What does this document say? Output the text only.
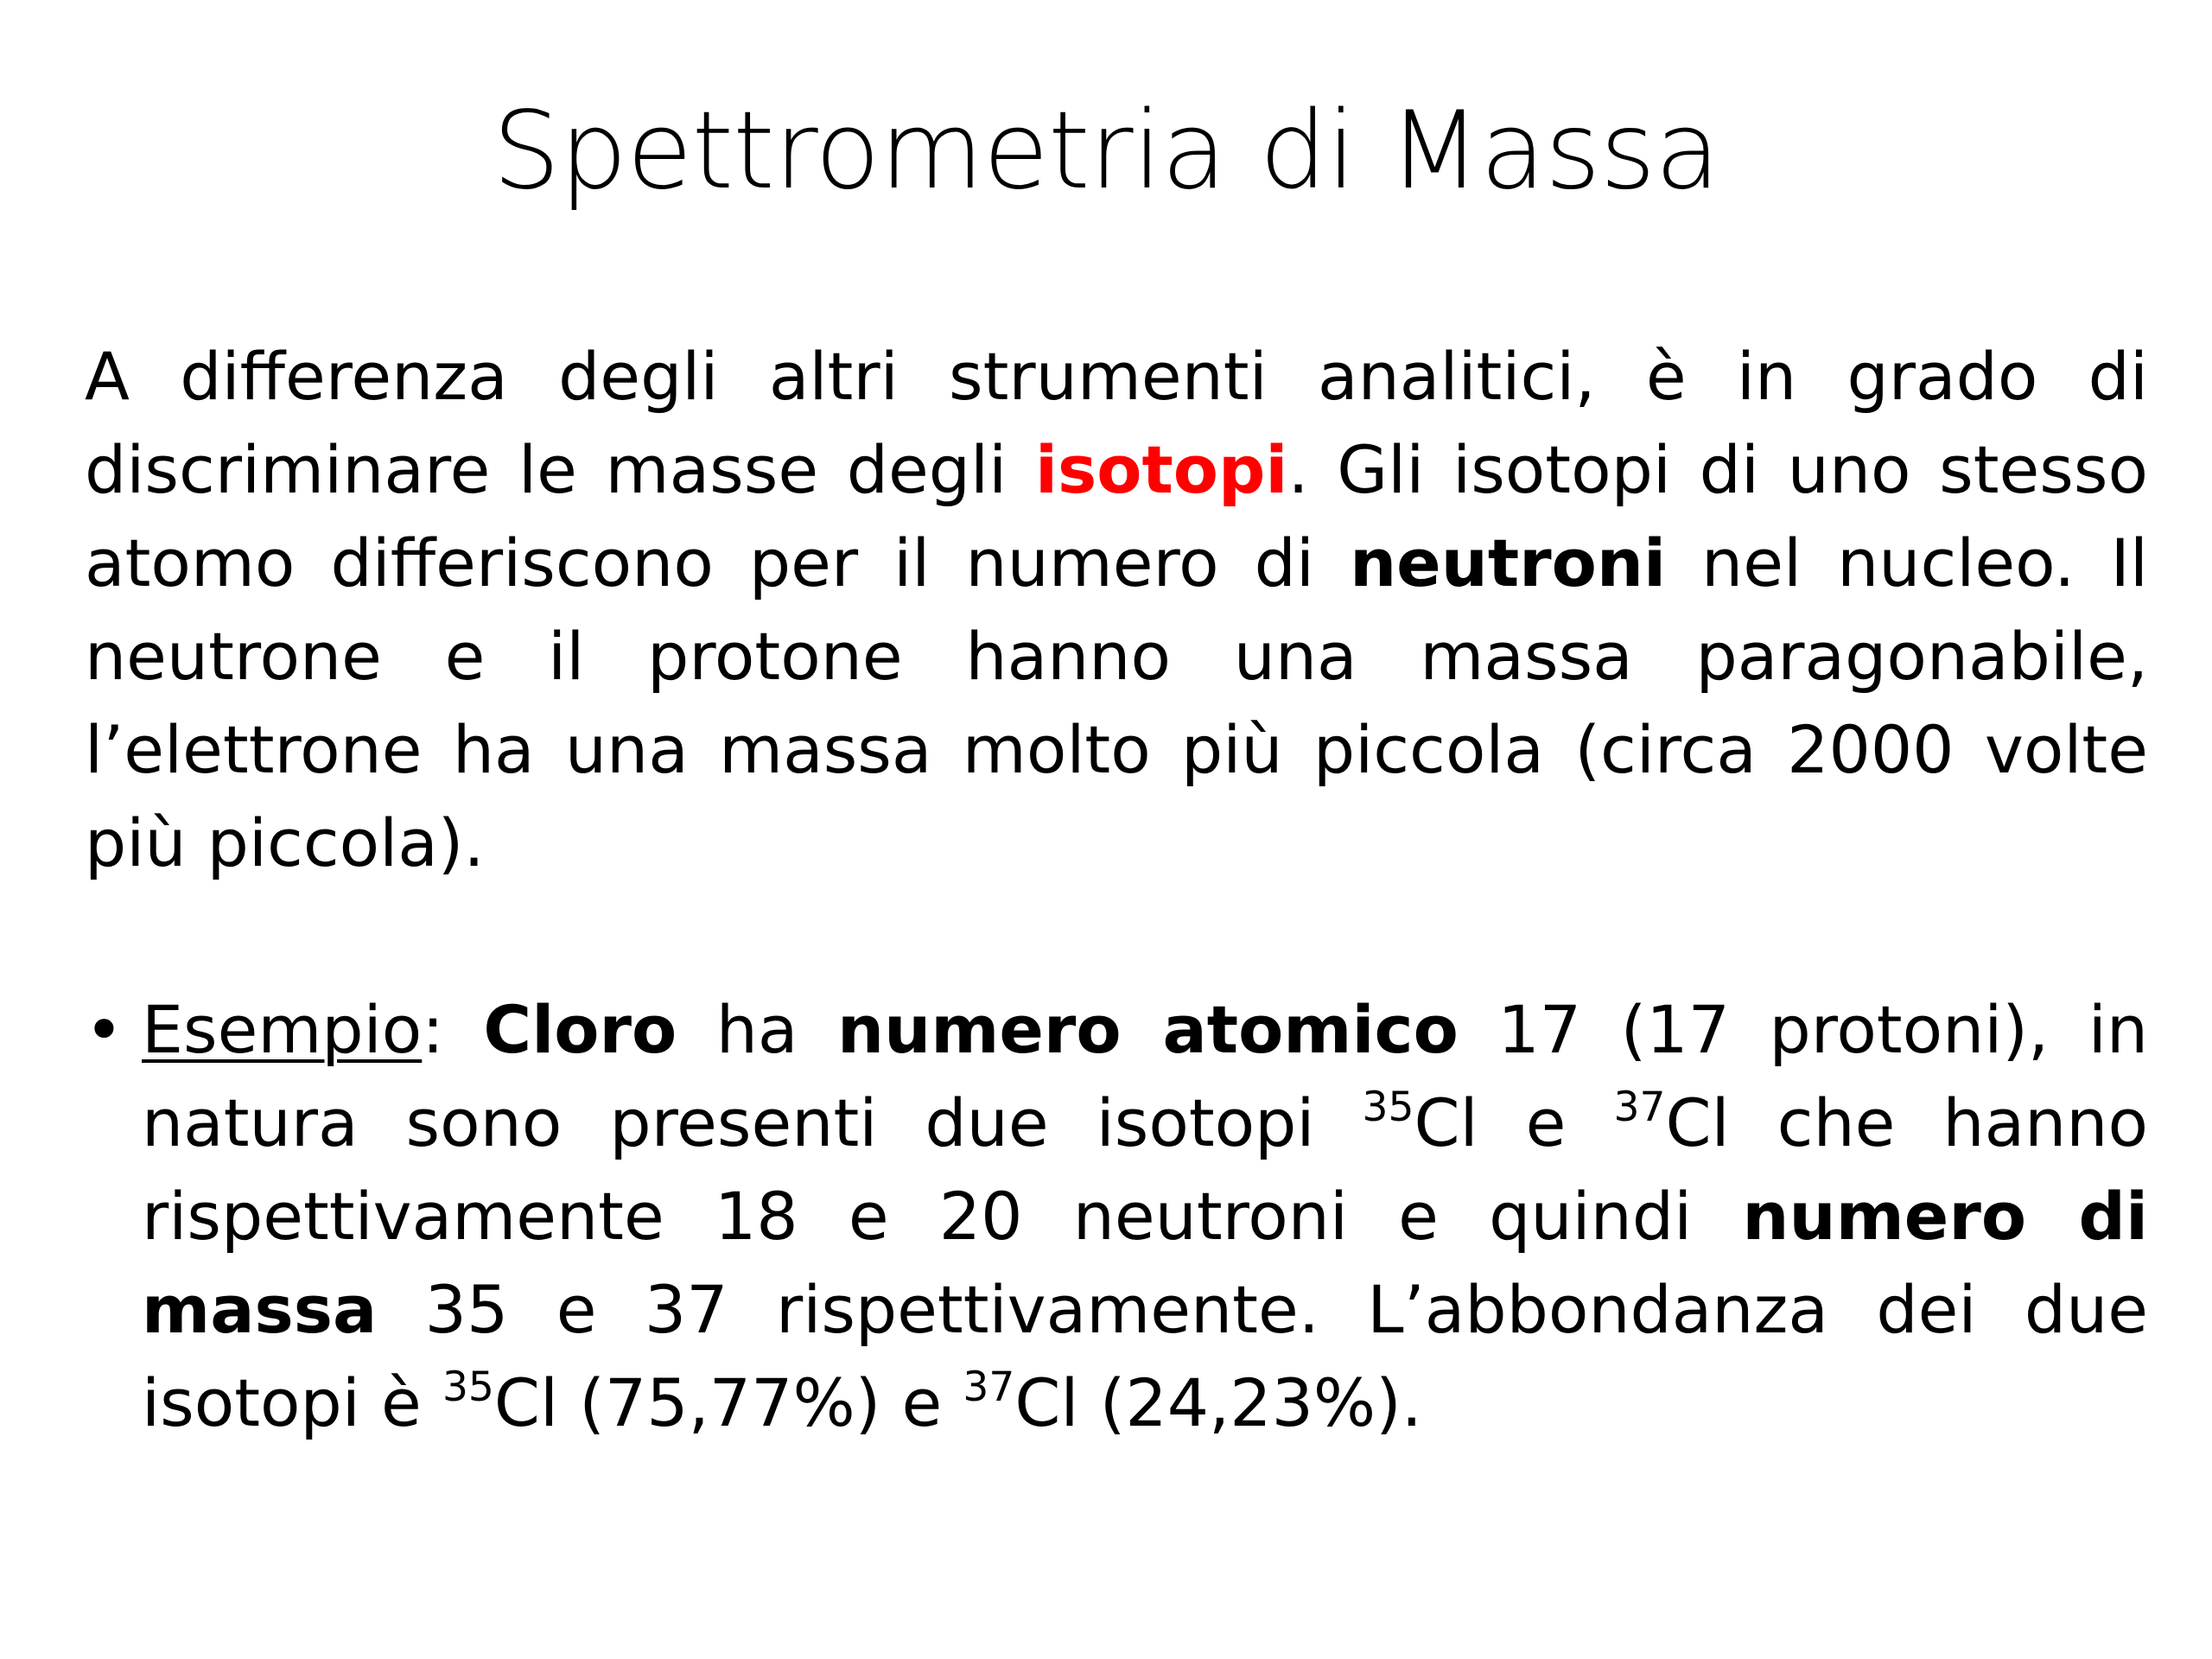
Spettrometria di Massa

A differenza degli altri strumenti analitici, è in grado di discriminare le masse degli isotopi. Gli isotopi di uno stesso atomo differiscono per il numero di neutroni nel nucleo. Il neutrone e il protone hanno una massa paragonabile, l’elettrone ha una massa molto più piccola (circa 2000 volte più piccola).

• Esempio: Cloro ha numero atomico 17 (17 protoni), in natura sono presenti due isotopi $^{35}$Cl e $^{37}$Cl che hanno rispettivamente 18 e 20 neutroni e quindi numero di massa 35 e 37 rispettivamente. L’abbondanza dei due isotopi è $^{35}$Cl (75,77%) e $^{37}$Cl (24,23%).
